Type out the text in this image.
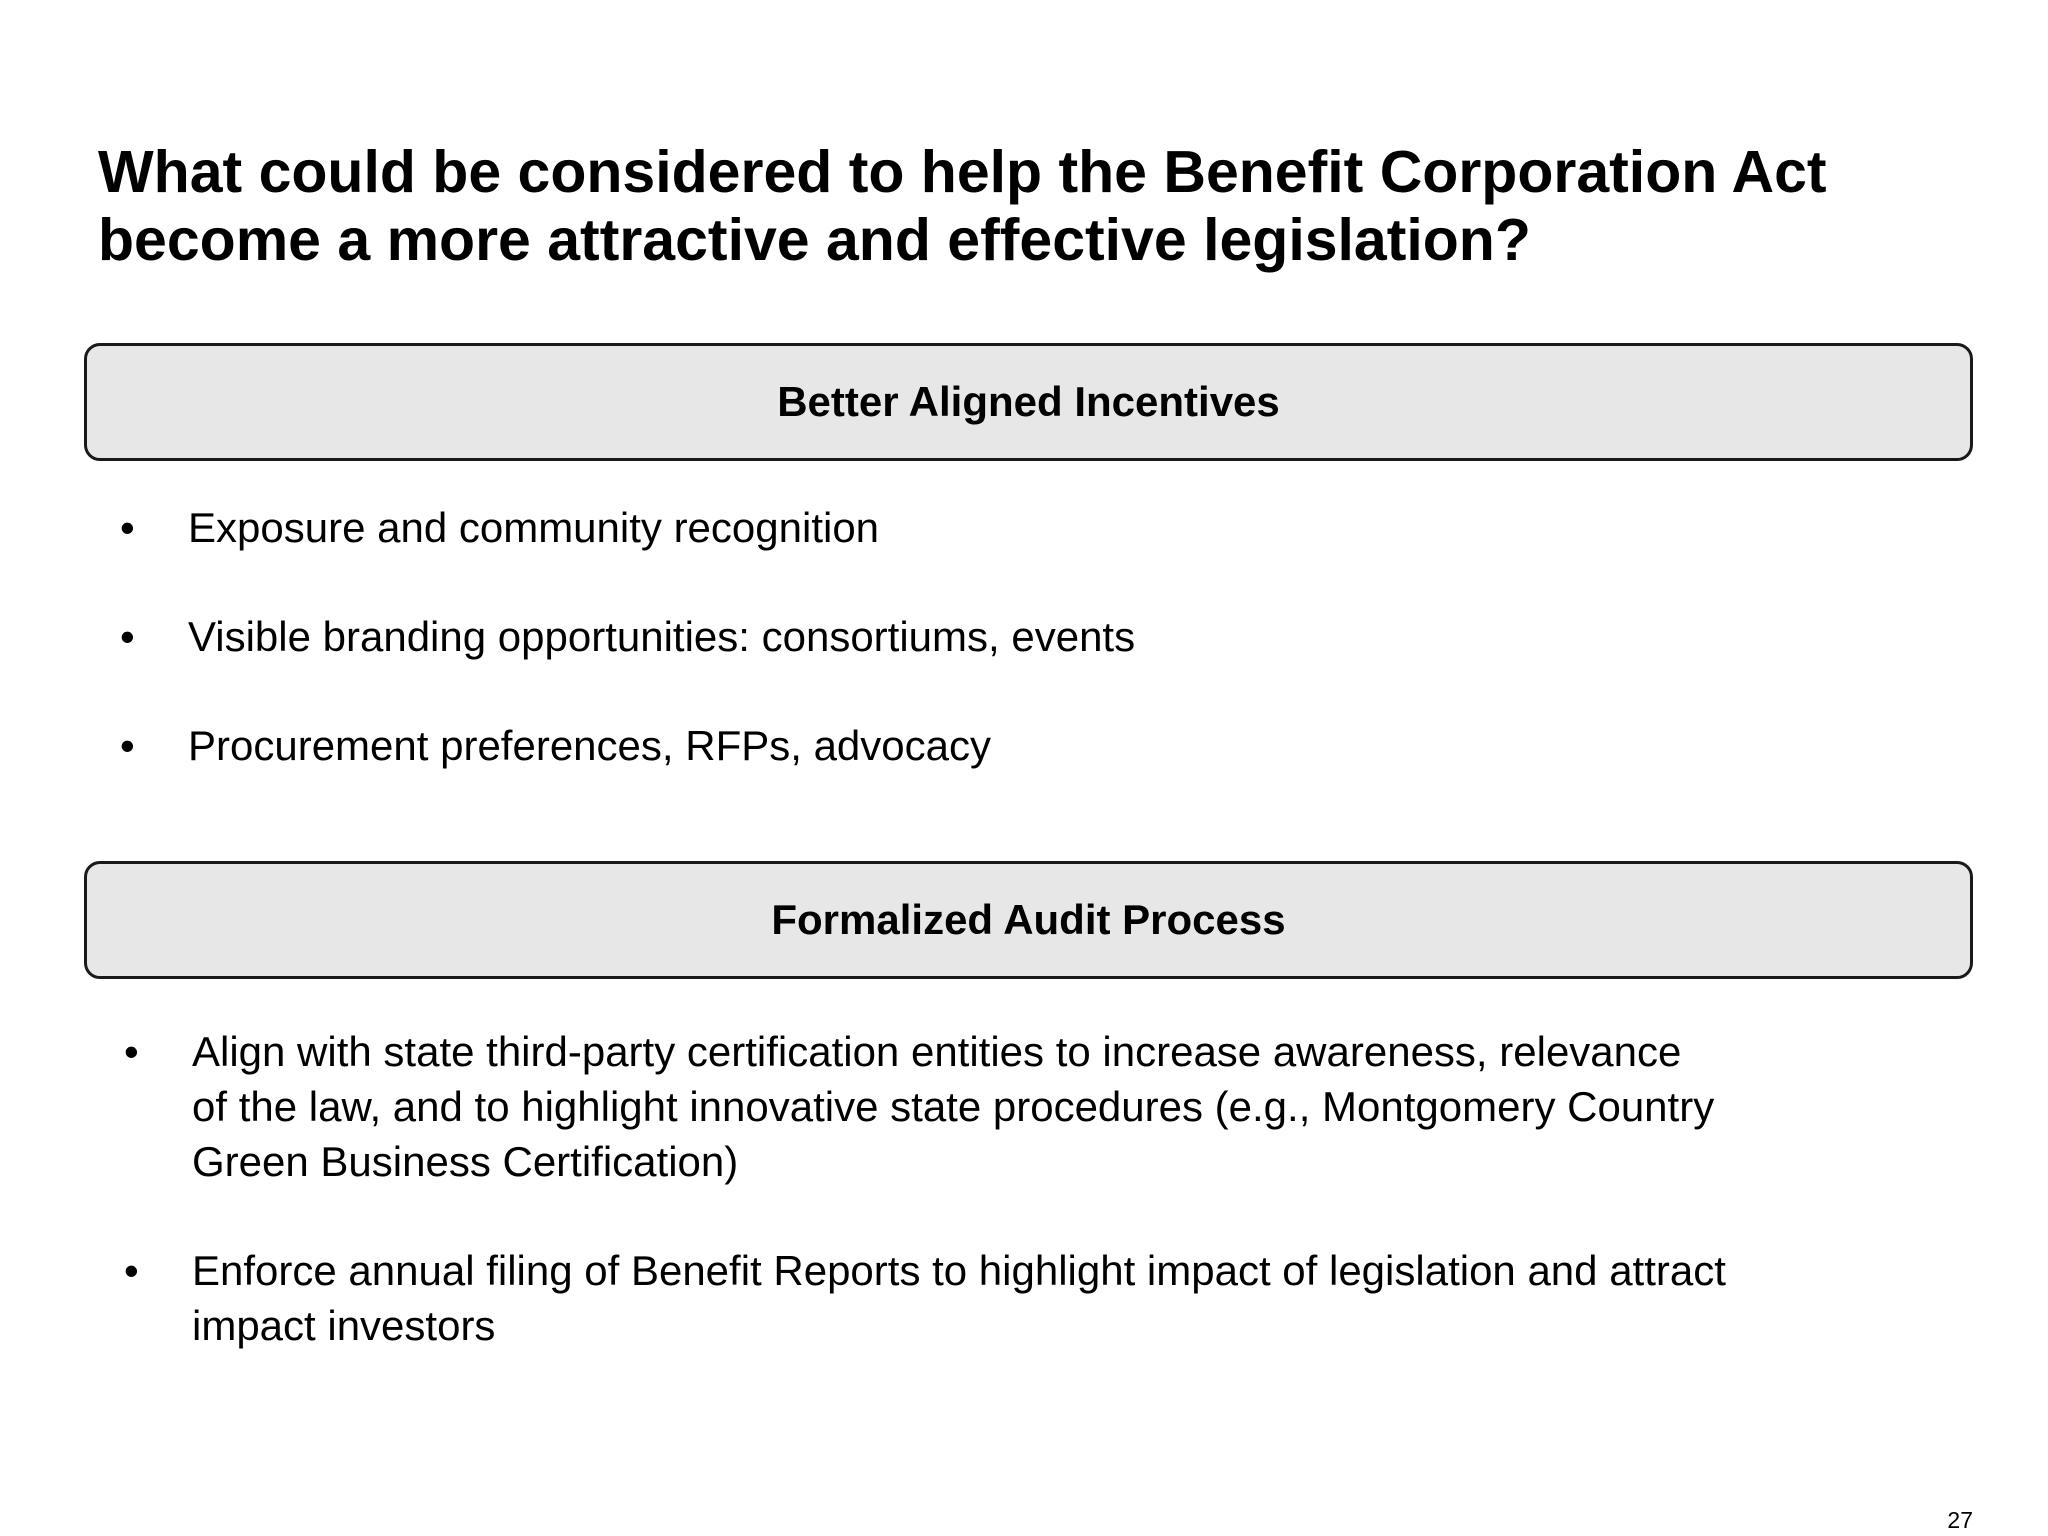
What could be considered to help the Benefit Corporation Act
become a more attractive and effective legislation?
Better Aligned Incentives
•	Exposure and community recognition
•	Visible branding opportunities: consortiums, events
•	Procurement preferences, RFPs, advocacy
Formalized Audit Process
•	Align with state third-party certification entities to increase awareness, relevance
of the law, and to highlight innovative state procedures (e.g., Montgomery Country
Green Business Certification)
•	Enforce annual filing of Benefit Reports to highlight impact of legislation and attract
impact investors
27
